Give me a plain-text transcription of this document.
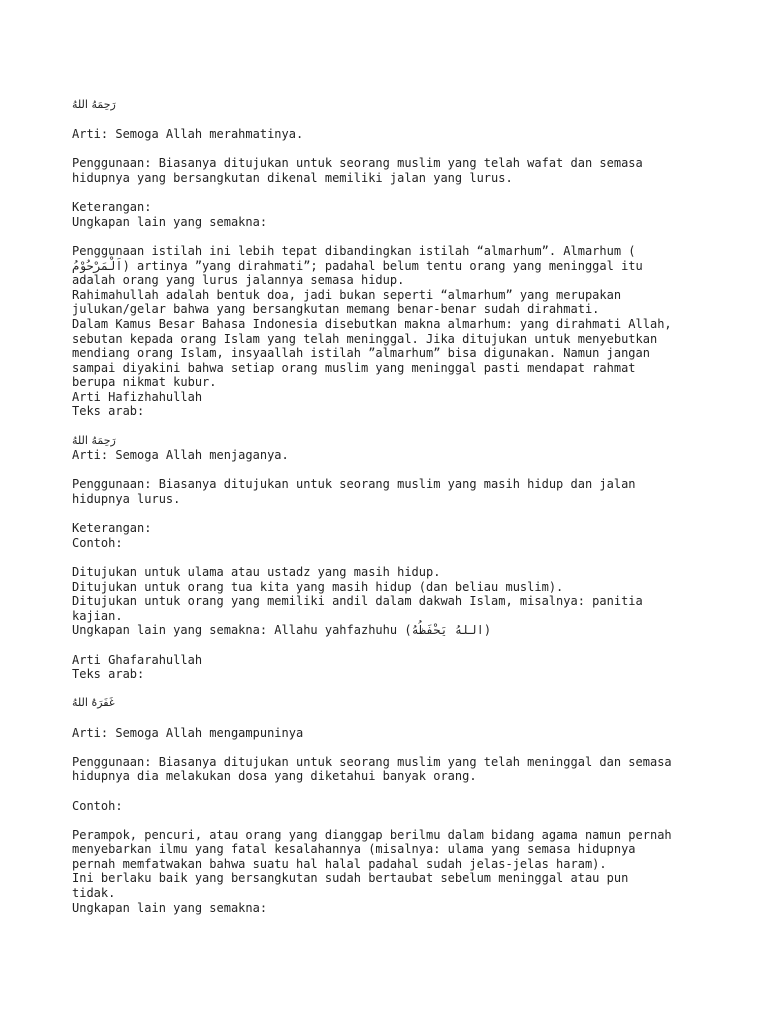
رَحِمَهُ اللهُ
Arti: Semoga Allah merahmatinya.
Penggunaan: Biasanya ditujukan untuk seorang muslim yang telah wafat dan semasa
hidupnya yang bersangkutan dikenal memiliki jalan yang lurus.
Keterangan:
Ungkapan lain yang semakna:
Penggunaan istilah ini lebih tepat dibandingkan istilah “almarhum”. Almarhum (
اَلْمَرْحُوْمُ) artinya ”yang dirahmati”; padahal belum tentu orang yang meninggal itu
adalah orang yang lurus jalannya semasa hidup.
Rahimahullah adalah bentuk doa, jadi bukan seperti “almarhum” yang merupakan
julukan/gelar bahwa yang bersangkutan memang benar-benar sudah dirahmati.
Dalam Kamus Besar Bahasa Indonesia disebutkan makna almarhum: yang dirahmati Allah,
sebutan kepada orang Islam yang telah meninggal. Jika ditujukan untuk menyebutkan
mendiang orang Islam, insyaallah istilah ”almarhum” bisa digunakan. Namun jangan
sampai diyakini bahwa setiap orang muslim yang meninggal pasti mendapat rahmat
berupa nikmat kubur.
Arti Hafizhahullah
Teks arab:
رَحِمَهُ اللهُ
Arti: Semoga Allah menjaganya.
Penggunaan: Biasanya ditujukan untuk seorang muslim yang masih hidup dan jalan
hidupnya lurus.
Keterangan:
Contoh:
Ditujukan untuk ulama atau ustadz yang masih hidup.
Ditujukan untuk orang tua kita yang masih hidup (dan beliau muslim).
Ditujukan untuk orang yang memiliki andil dalam dakwah Islam, misalnya: panitia
kajian.
Ungkapan lain yang semakna: Allahu yahfazhuhu (اللهُ يَحْفَظُهُ)
Arti Ghafarahullah
Teks arab:
غَفَرَهُ اللهُ
Arti: Semoga Allah mengampuninya
Penggunaan: Biasanya ditujukan untuk seorang muslim yang telah meninggal dan semasa
hidupnya dia melakukan dosa yang diketahui banyak orang.
Contoh:
Perampok, pencuri, atau orang yang dianggap berilmu dalam bidang agama namun pernah
menyebarkan ilmu yang fatal kesalahannya (misalnya: ulama yang semasa hidupnya
pernah memfatwakan bahwa suatu hal halal padahal sudah jelas-jelas haram).
Ini berlaku baik yang bersangkutan sudah bertaubat sebelum meninggal atau pun
tidak.
Ungkapan lain yang semakna:
